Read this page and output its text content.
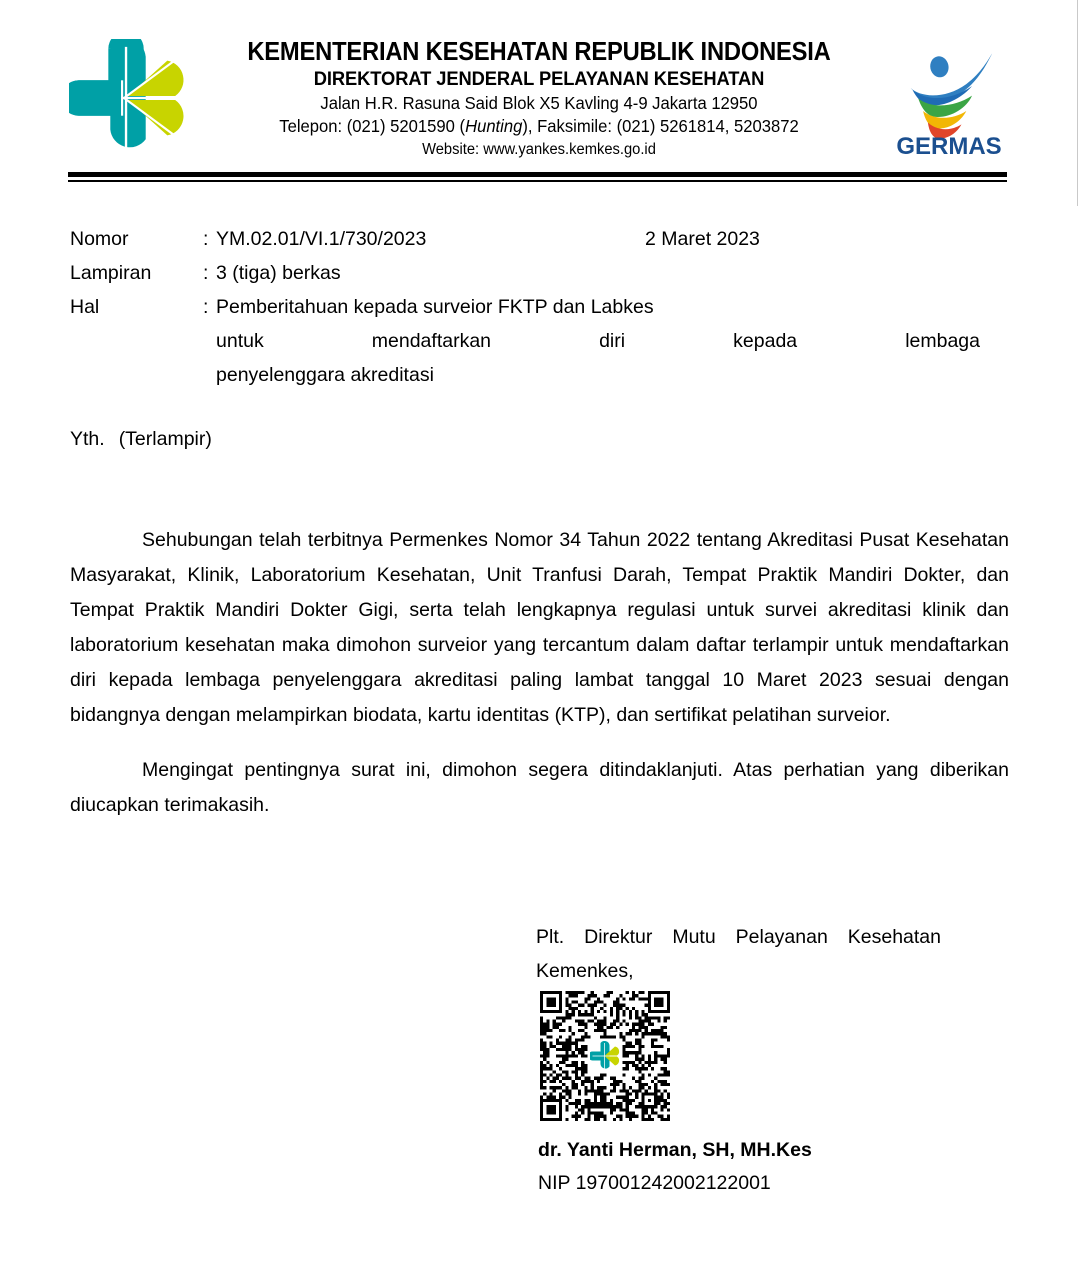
KEMENTERIAN KESEHATAN REPUBLIK INDONESIA
DIREKTORAT JENDERAL PELAYANAN KESEHATAN
Jalan H.R. Rasuna Said Blok X5 Kavling 4-9 Jakarta 12950
Telepon: (021) 5201590 (Hunting), Faksimile: (021) 5261814, 5203872
Website: www.yankes.kemkes.go.id	GERMAS
Nomor	: YM.02.01/VI.1/730/2023	2 Maret 2023
Lampiran	: 3 (tiga) berkas
Hal	: Pemberitahuan kepada surveior FKTP dan Labkes
untuk mendaftarkan diri kepada lembaga
penyelenggara akreditasi
Yth. (Terlampir)

Sehubungan telah terbitnya Permenkes Nomor 34 Tahun 2022 tentang Akreditasi Pusat Kesehatan Masyarakat, Klinik, Laboratorium Kesehatan, Unit Tranfusi Darah, Tempat Praktik Mandiri Dokter, dan Tempat Praktik Mandiri Dokter Gigi, serta telah lengkapnya regulasi untuk survei akreditasi klinik dan laboratorium kesehatan maka dimohon surveior yang tercantum dalam daftar terlampir untuk mendaftarkan diri kepada lembaga penyelenggara akreditasi paling lambat tanggal 10 Maret 2023 sesuai dengan bidangnya dengan melampirkan biodata, kartu identitas (KTP), dan sertifikat pelatihan surveior.

Mengingat pentingnya surat ini, dimohon segera ditindaklanjuti. Atas perhatian yang diberikan diucapkan terimakasih.

Plt. Direktur Mutu Pelayanan Kesehatan
Kemenkes,
dr. Yanti Herman, SH, MH.Kes
NIP 197001242002122001
